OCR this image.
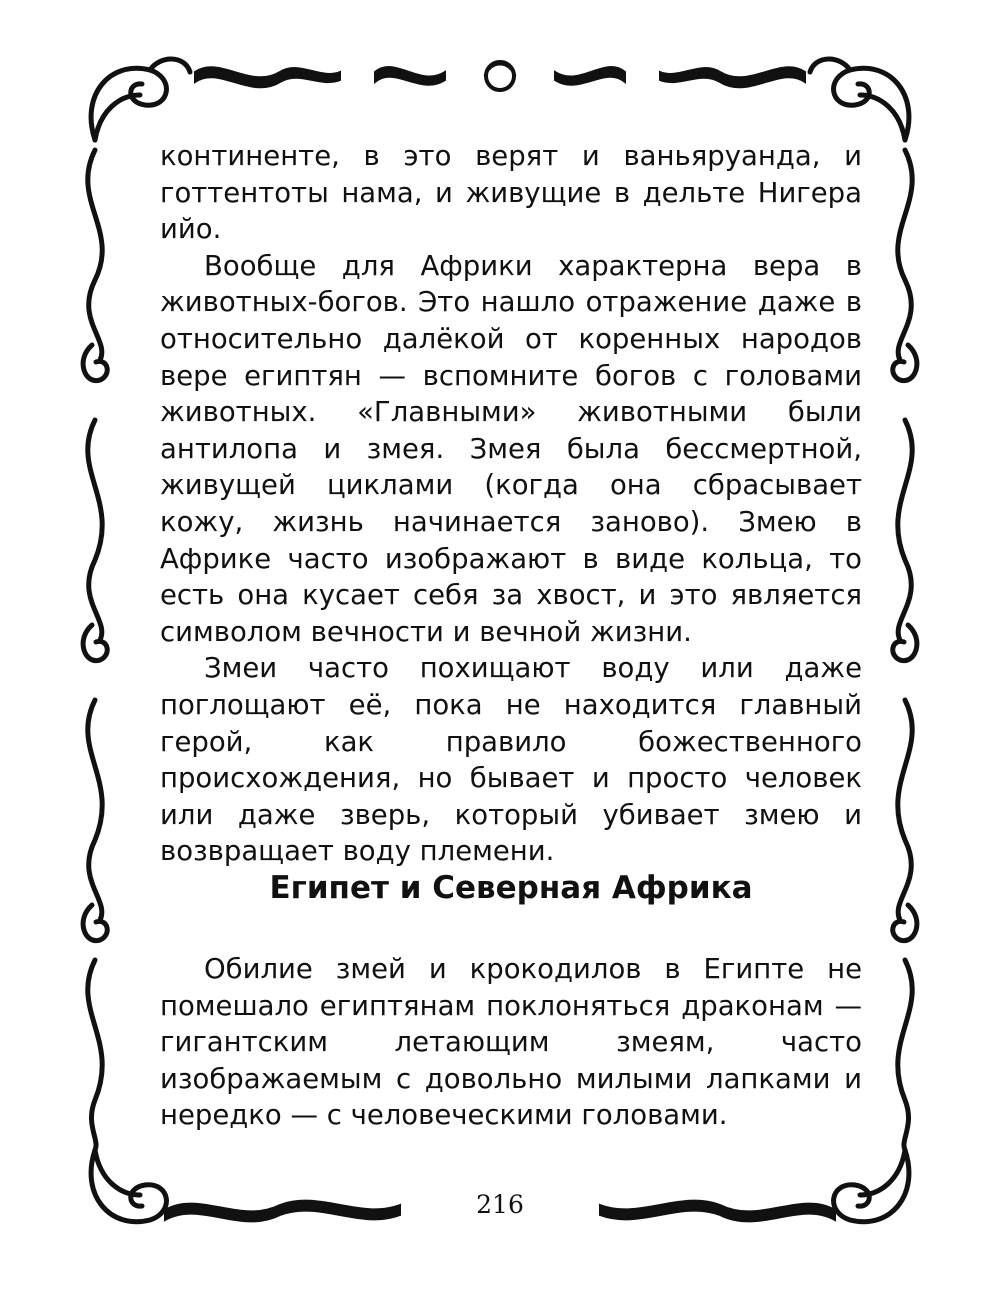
континенте, в это верят и ваньяруанда, и готтентоты нама, и живущие в дельте Нигера ийо.

Вообще для Африки характерна вера в животных-богов. Это нашло отражение даже в относительно далёкой от коренных народов вере египтян — вспомните богов с головами животных. «Главными» животными были антилопа и змея. Змея была бессмертной, живущей циклами (когда она сбрасывает кожу, жизнь начинается заново). Змею в Африке часто изображают в виде кольца, то есть она кусает себя за хвост, и это является символом вечности и вечной жизни.

Змеи часто похищают воду или даже поглощают её, пока не находится главный герой, как правило божественного происхождения, но бывает и просто человек или даже зверь, который убивает змею и возвращает воду племени.

Египет и Северная Африка

Обилие змей и крокодилов в Египте не помешало египтянам поклоняться драконам — гигантским летающим змеям, часто изображаемым с довольно милыми лапками и нередко — с человеческими головами.

216
